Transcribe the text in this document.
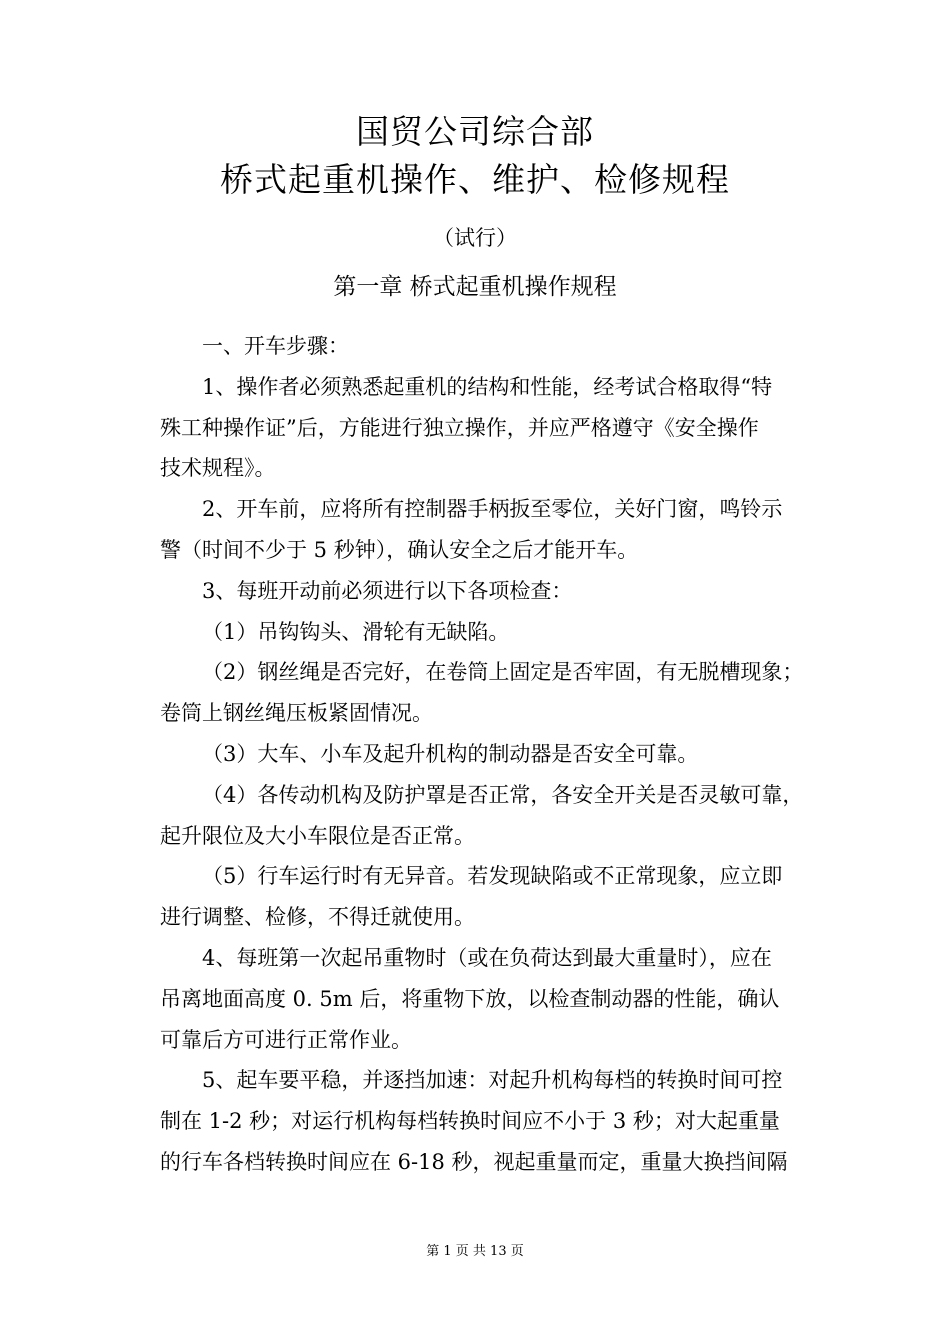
国贸公司综合部
桥式起重机操作、维护、检修规程
（试行）
第一章 桥式起重机操作规程
一、开车步骤：
1、操作者必须熟悉起重机的结构和性能，经考试合格取得“特
殊工种操作证”后，方能进行独立操作，并应严格遵守《安全操作
技术规程》。
2、开车前，应将所有控制器手柄扳至零位，关好门窗，鸣铃示
警（时间不少于 5 秒钟），确认安全之后才能开车。
3、每班开动前必须进行以下各项检查：
（1）吊钩钩头、滑轮有无缺陷。
（2）钢丝绳是否完好，在卷筒上固定是否牢固，有无脱槽现象；
卷筒上钢丝绳压板紧固情况。
（3）大车、小车及起升机构的制动器是否安全可靠。
（4）各传动机构及防护罩是否正常，各安全开关是否灵敏可靠，
起升限位及大小车限位是否正常。
（5）行车运行时有无异音。若发现缺陷或不正常现象，应立即
进行调整、检修，不得迁就使用。
4、每班第一次起吊重物时（或在负荷达到最大重量时），应在
吊离地面高度 0. 5m 后，将重物下放，以检查制动器的性能，确认
可靠后方可进行正常作业。
5、起车要平稳，并逐挡加速：对起升机构每档的转换时间可控
制在 1-2 秒；对运行机构每档转换时间应不小于 3 秒；对大起重量
的行车各档转换时间应在 6-18 秒，视起重量而定，重量大换挡间隔
第 1 页 共 13 页
